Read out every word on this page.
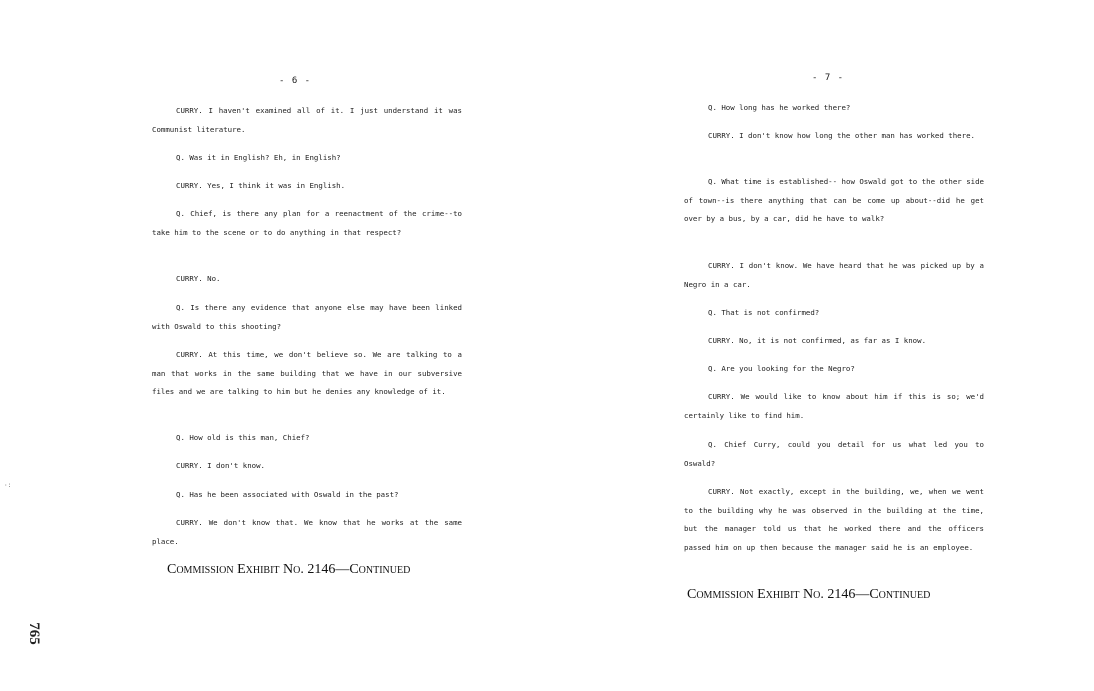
- 6 -

CURRY. I haven't examined all of it. I just understand it was Communist literature.

Q. Was it in English? Eh, in English?

CURRY. Yes, I think it was in English.

Q. Chief, is there any plan for a reenactment of the crime--to take him to the scene or to do anything in that respect?

CURRY. No.

Q. Is there any evidence that anyone else may have been linked with Oswald to this shooting?

CURRY. At this time, we don't believe so. We are talking to a man that works in the same building that we have in our subversive files and we are talking to him but he denies any knowledge of it.

Q. How old is this man, Chief?

CURRY. I don't know.

Q. Has he been associated with Oswald in the past?

CURRY. We don't know that. We know that he works at the same place.

Commission Exhibit No. 2146—Continued
- 7 -

Q. How long has he worked there?

CURRY. I don't know how long the other man has worked there.

Q. What time is established-- how Oswald got to the other side of town--is there anything that can be come up about--did he get over by a bus, by a car, did he have to walk?

CURRY. I don't know. We have heard that he was picked up by a Negro in a car.

Q. That is not confirmed?

CURRY. No, it is not confirmed, as far as I know.

Q. Are you looking for the Negro?

CURRY. We would like to know about him if this is so; we'd certainly like to find him.

Q. Chief Curry, could you detail for us what led you to Oswald?

CURRY. Not exactly, except in the building, we, when we went to the building why he was observed in the building at the time, but the manager told us that he worked there and the officers passed him on up then because the manager said he is an employee.

Commission Exhibit No. 2146—Continued
·:
765
